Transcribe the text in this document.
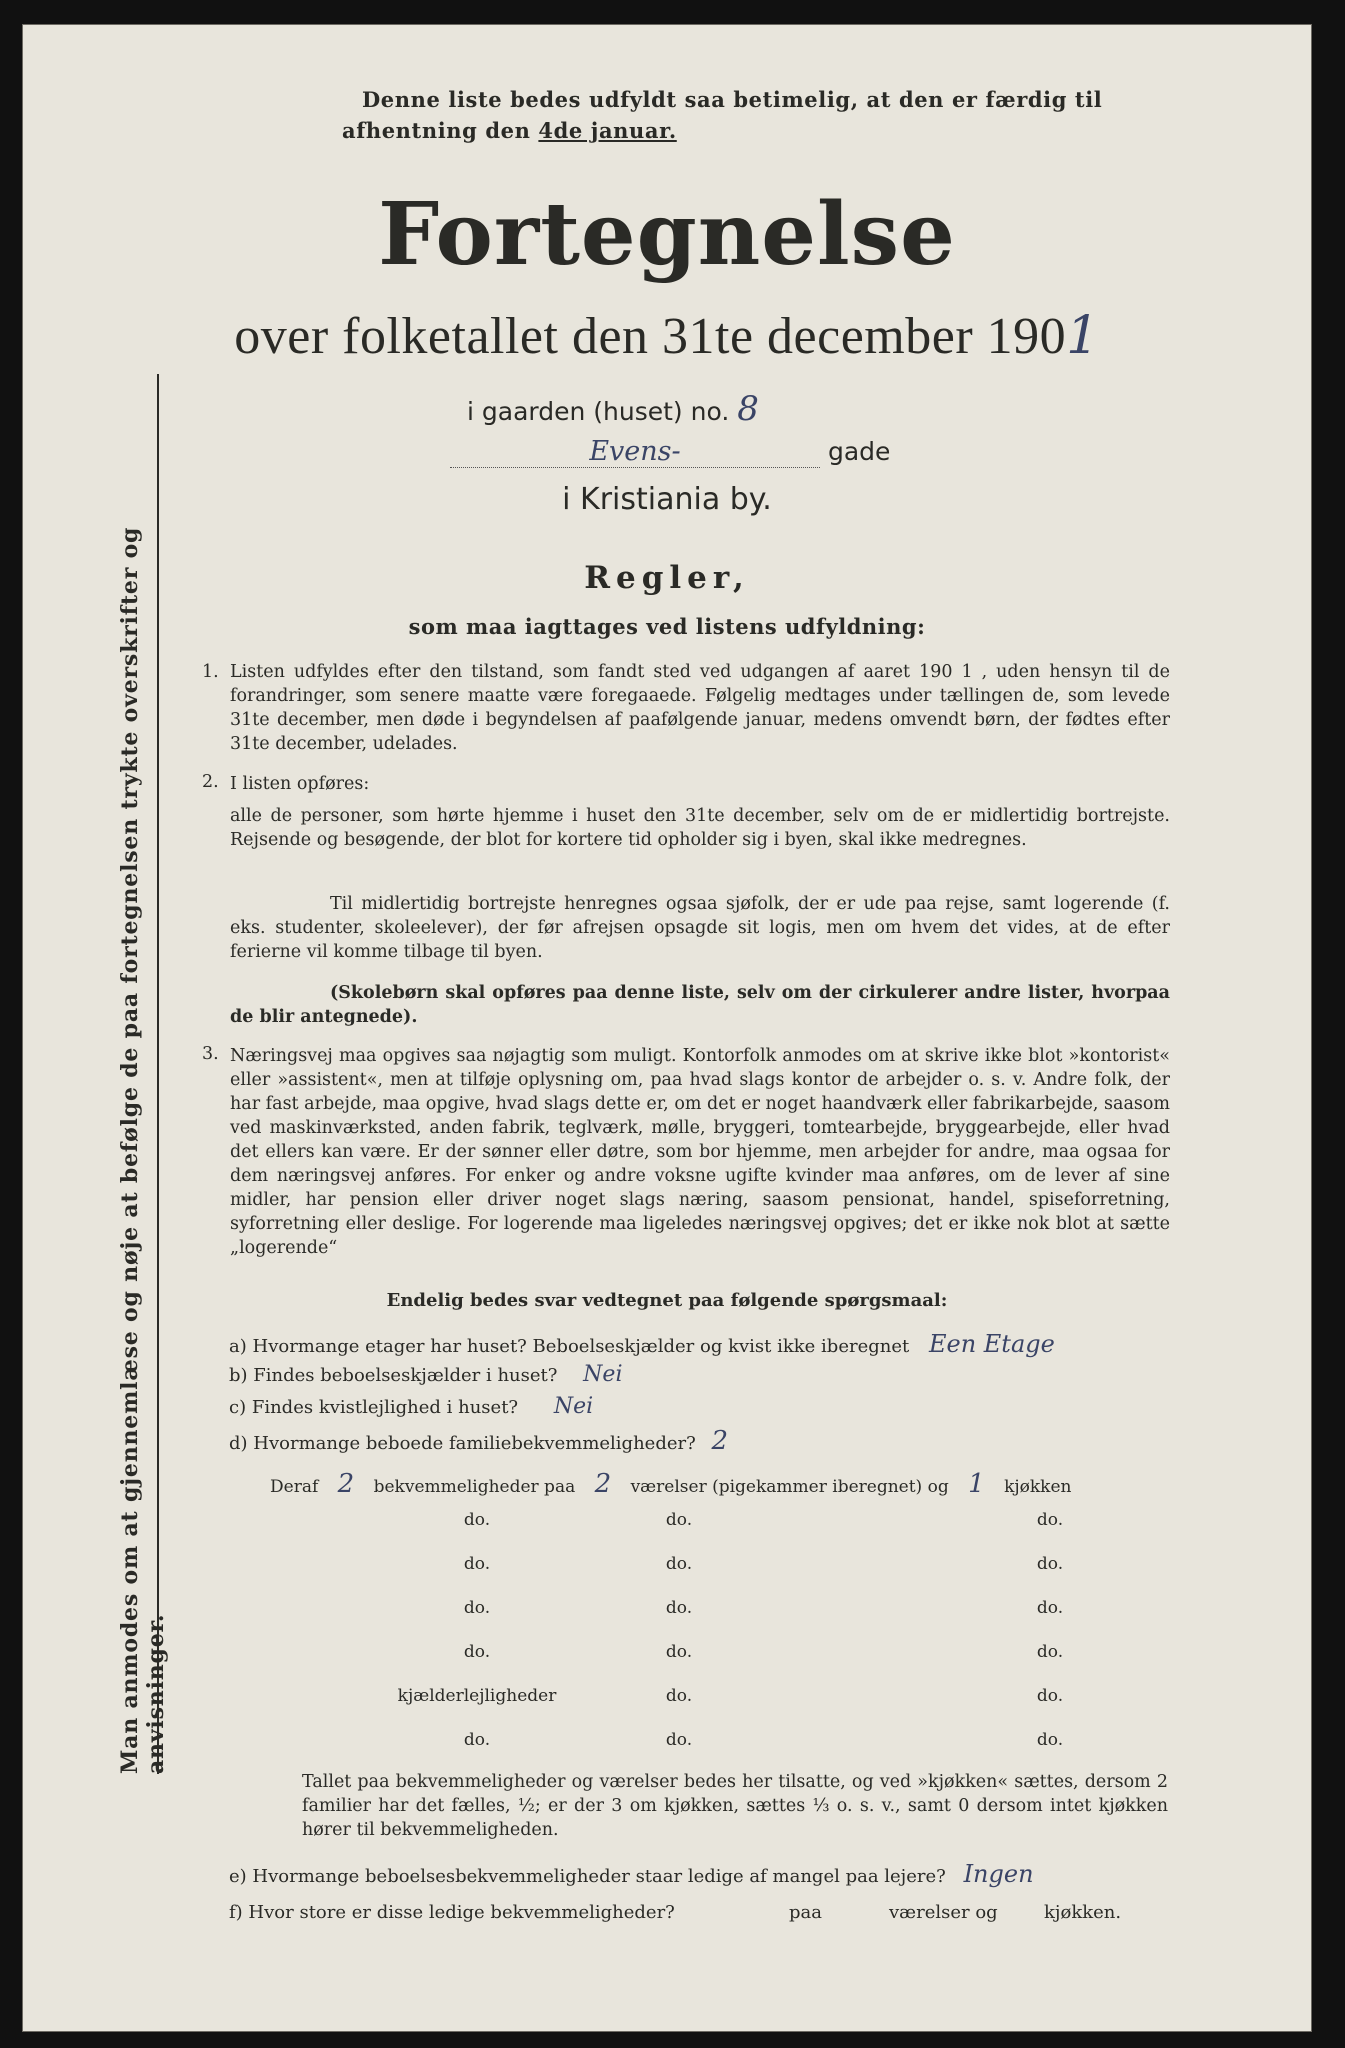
Denne liste bedes udfyldt saa betimelig, at den er færdig til
afhentning den 4de januar.
Fortegnelse
over folketallet den 31te december 1901
i gaarden (huset) no. 8
Evens-	gade
i Kristiania by.
Man anmodes om at gjennemlæse og nøje at befølge de paa fortegnelsen trykte overskrifter og anvisninger.
Regler,
som maa iagttages ved listens udfyldning:
1. Listen udfyldes efter den tilstand, som fandt sted ved udgangen af aaret 190 1 , uden hensyn til de forandringer, som senere maatte være foregaaede. Følgelig medtages under tællingen de, som levede 31te december, men døde i begyndelsen af paafølgende januar, medens omvendt børn, der fødtes efter 31te december, udelades.
2. I listen opføres:
alle de personer, som hørte hjemme i huset den 31te december, selv om de er midlertidig bortrejste. Rejsende og besøgende, der blot for kortere tid opholder sig i byen, skal ikke medregnes.
Til midlertidig bortrejste henregnes ogsaa sjøfolk, der er ude paa rejse, samt logerende (f. eks. studenter, skoleelever), der før afrejsen opsagde sit logis, men om hvem det vides, at de efter ferierne vil komme tilbage til byen.
(Skolebørn skal opføres paa denne liste, selv om der cirkulerer andre lister, hvorpaa de blir antegnede).
3. Næringsvej maa opgives saa nøjagtig som muligt. Kontorfolk anmodes om at skrive ikke blot »kontorist« eller »assistent«, men at tilføje oplysning om, paa hvad slags kontor de arbejder o. s. v. Andre folk, der har fast arbejde, maa opgive, hvad slags dette er, om det er noget haandværk eller fabrikarbejde, saasom ved maskinværksted, anden fabrik, teglværk, mølle, bryggeri, tomtearbejde, bryggearbejde, eller hvad det ellers kan være. Er der sønner eller døtre, som bor hjemme, men arbejder for andre, maa ogsaa for dem næringsvej anføres. For enker og andre voksne ugifte kvinder maa anføres, om de lever af sine midler, har pension eller driver noget slags næring, saasom pensionat, handel, spiseforretning, syforretning eller deslige. For logerende maa ligeledes næringsvej opgives; det er ikke nok blot at sætte „logerende“
Endelig bedes svar vedtegnet paa følgende spørgsmaal:
a) Hvormange etager har huset? Beboelseskjælder og kvist ikke iberegnet Een Etage
b) Findes beboelseskjælder i huset? Nei
c) Findes kvistlejlighed i huset? Nei
d) Hvormange beboede familiebekvemmeligheder? 2
Deraf 2 bekvemmeligheder paa 2 værelser (pigekammer iberegnet) og 1 kjøkken
do.	do.	do.
do.	do.	do.
do.	do.	do.
do.	do.	do.
kjælderlejligheder	do.	do.
do.	do.	do.
Tallet paa bekvemmeligheder og værelser bedes her tilsatte, og ved »kjøkken« sættes, dersom 2 familier har det fælles, ½; er der 3 om kjøkken, sættes ⅓ o. s. v., samt 0 dersom intet kjøkken hører til bekvemmeligheden.
e) Hvormange beboelsesbekvemmeligheder staar ledige af mangel paa lejere? Ingen
f) Hvor store er disse ledige bekvemmeligheder?	paa	værelser og	kjøkken.
